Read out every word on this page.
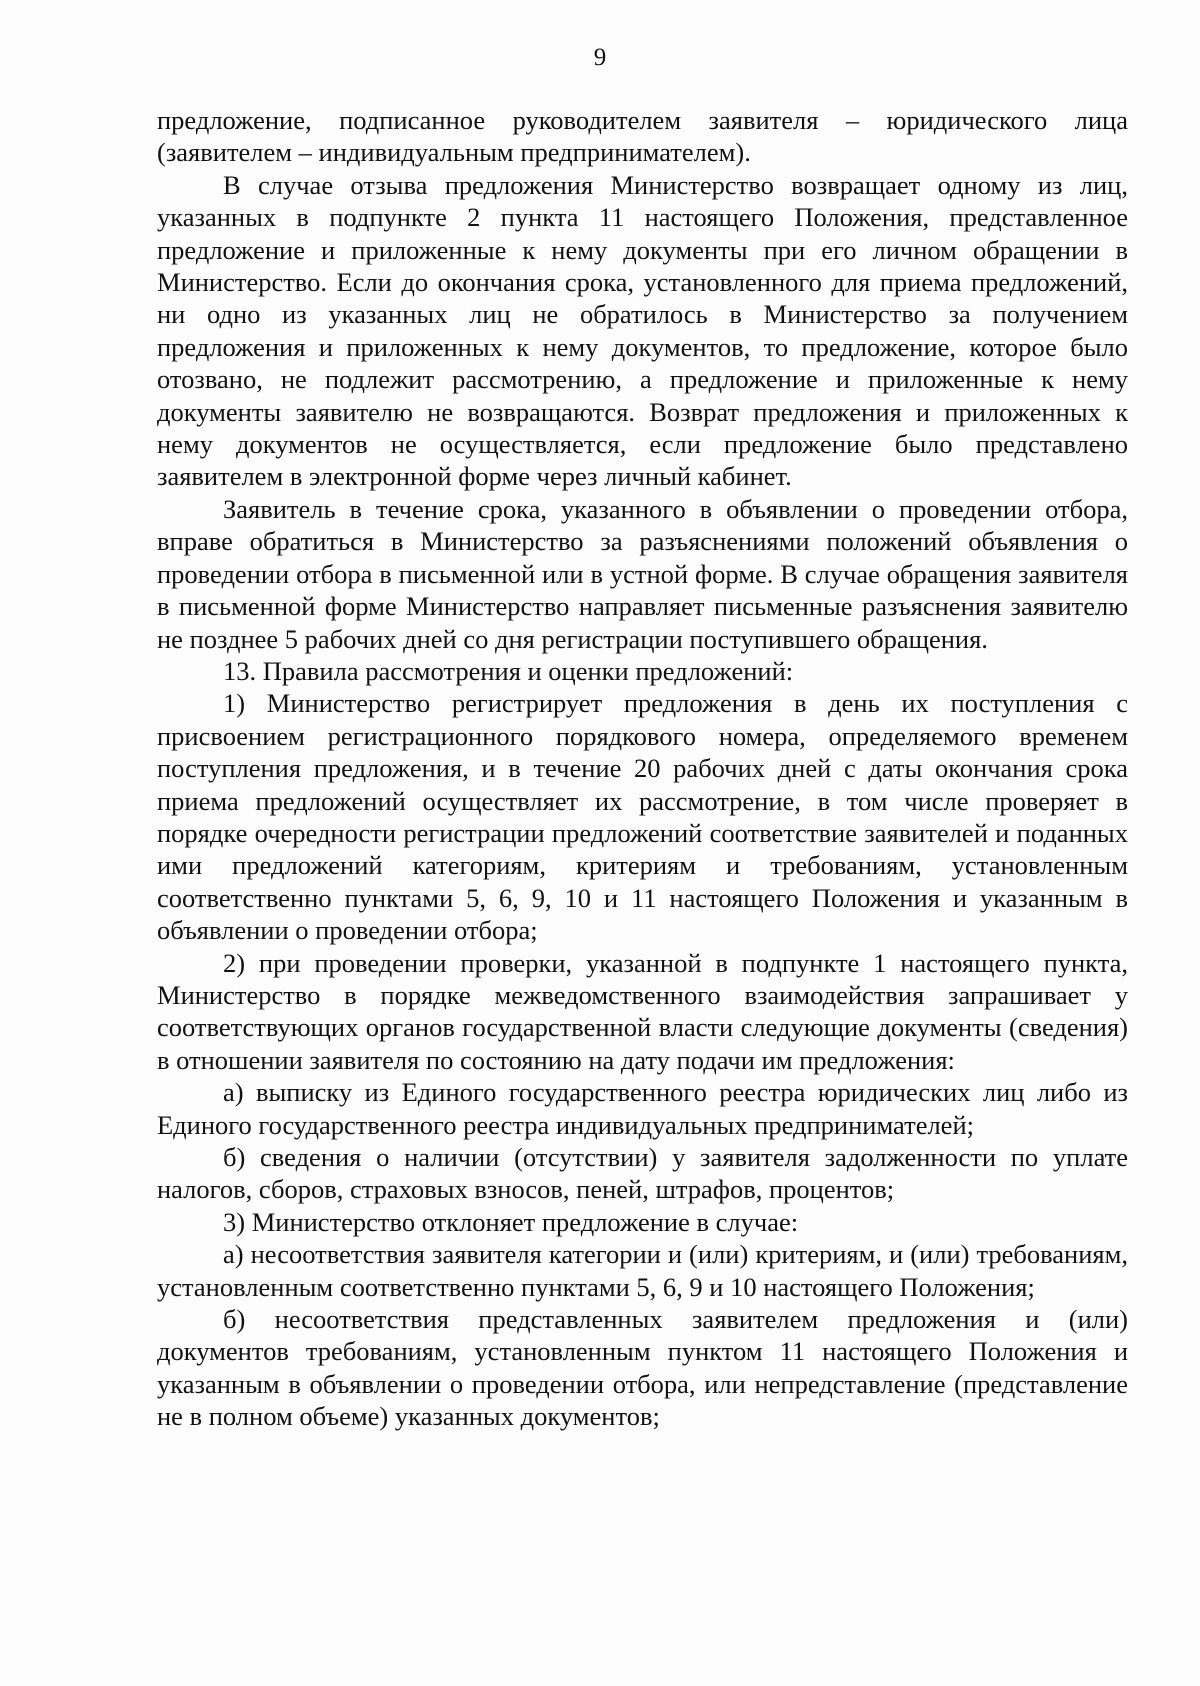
9

предложение, подписанное руководителем заявителя – юридического лица (заявителем – индивидуальным предпринимателем).

В случае отзыва предложения Министерство возвращает одному из лиц, указанных в подпункте 2 пункта 11 настоящего Положения, представленное предложение и приложенные к нему документы при его личном обращении в Министерство. Если до окончания срока, установленного для приема предложений, ни одно из указанных лиц не обратилось в Министерство за получением предложения и приложенных к нему документов, то предложение, которое было отозвано, не подлежит рассмотрению, а предложение и приложенные к нему документы заявителю не возвращаются. Возврат предложения и приложенных к нему документов не осуществляется, если предложение было представлено заявителем в электронной форме через личный кабинет.

Заявитель в течение срока, указанного в объявлении о проведении отбора, вправе обратиться в Министерство за разъяснениями положений объявления о проведении отбора в письменной или в устной форме. В случае обращения заявителя в письменной форме Министерство направляет письменные разъяснения заявителю не позднее 5 рабочих дней со дня регистрации поступившего обращения.

13. Правила рассмотрения и оценки предложений:

1) Министерство регистрирует предложения в день их поступления с присвоением регистрационного порядкового номера, определяемого временем поступления предложения, и в течение 20 рабочих дней с даты окончания срока приема предложений осуществляет их рассмотрение, в том числе проверяет в порядке очередности регистрации предложений соответствие заявителей и поданных ими предложений категориям, критериям и требованиям, установленным соответственно пунктами 5, 6, 9, 10 и 11 настоящего Положения и указанным в объявлении о проведении отбора;

2) при проведении проверки, указанной в подпункте 1 настоящего пункта, Министерство в порядке межведомственного взаимодействия запрашивает у соответствующих органов государственной власти следующие документы (сведения) в отношении заявителя по состоянию на дату подачи им предложения:

а) выписку из Единого государственного реестра юридических лиц либо из Единого государственного реестра индивидуальных предпринимателей;

б) сведения о наличии (отсутствии) у заявителя задолженности по уплате налогов, сборов, страховых взносов, пеней, штрафов, процентов;

3) Министерство отклоняет предложение в случае:

а) несоответствия заявителя категории и (или) критериям, и (или) требованиям, установленным соответственно пунктами 5, 6, 9 и 10 настоящего Положения;

б) несоответствия представленных заявителем предложения и (или) документов требованиям, установленным пунктом 11 настоящего Положения и указанным в объявлении о проведении отбора, или непредставление (представление не в полном объеме) указанных документов;
